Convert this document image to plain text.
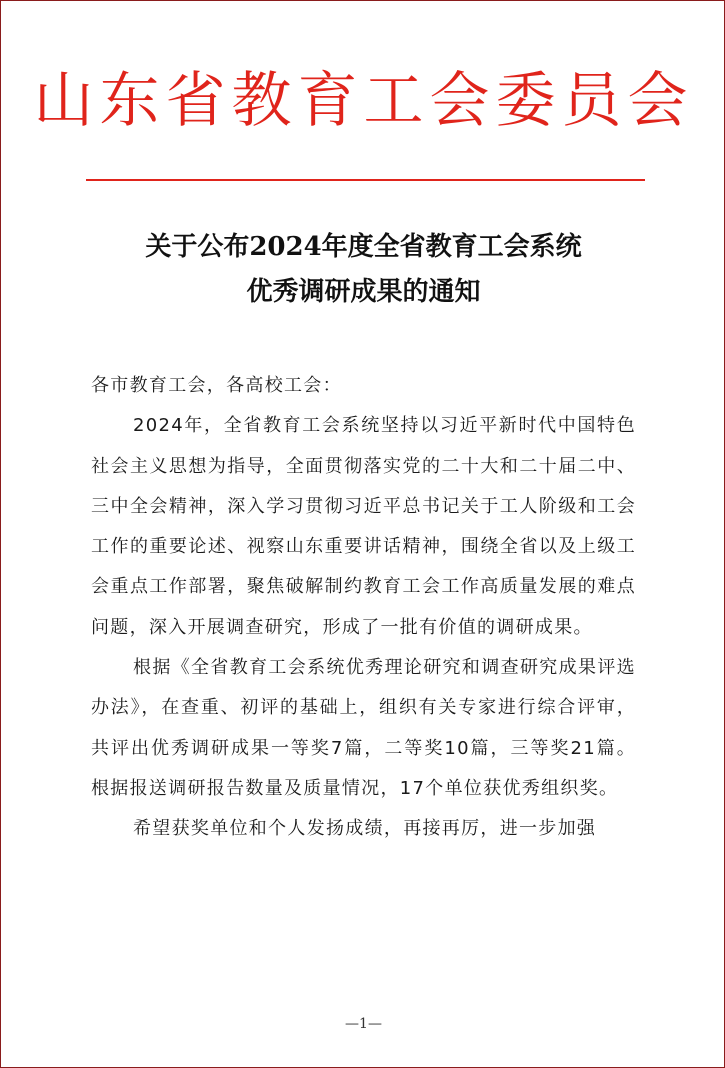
山东省教育工会委员会
关于公布2024年度全省教育工会系统
优秀调研成果的通知

各市教育工会，各高校工会：

2024年，全省教育工会系统坚持以习近平新时代中国特色社会主义思想为指导，全面贯彻落实党的二十大和二十届二中、三中全会精神，深入学习贯彻习近平总书记关于工人阶级和工会工作的重要论述、视察山东重要讲话精神，围绕全省以及上级工会重点工作部署，聚焦破解制约教育工会工作高质量发展的难点问题，深入开展调查研究，形成了一批有价值的调研成果。

根据《全省教育工会系统优秀理论研究和调查研究成果评选办法》，在查重、初评的基础上，组织有关专家进行综合评审，共评出优秀调研成果一等奖7篇，二等奖10篇，三等奖21篇。根据报送调研报告数量及质量情况，17个单位获优秀组织奖。

希望获奖单位和个人发扬成绩，再接再厉，进一步加强

—1—
